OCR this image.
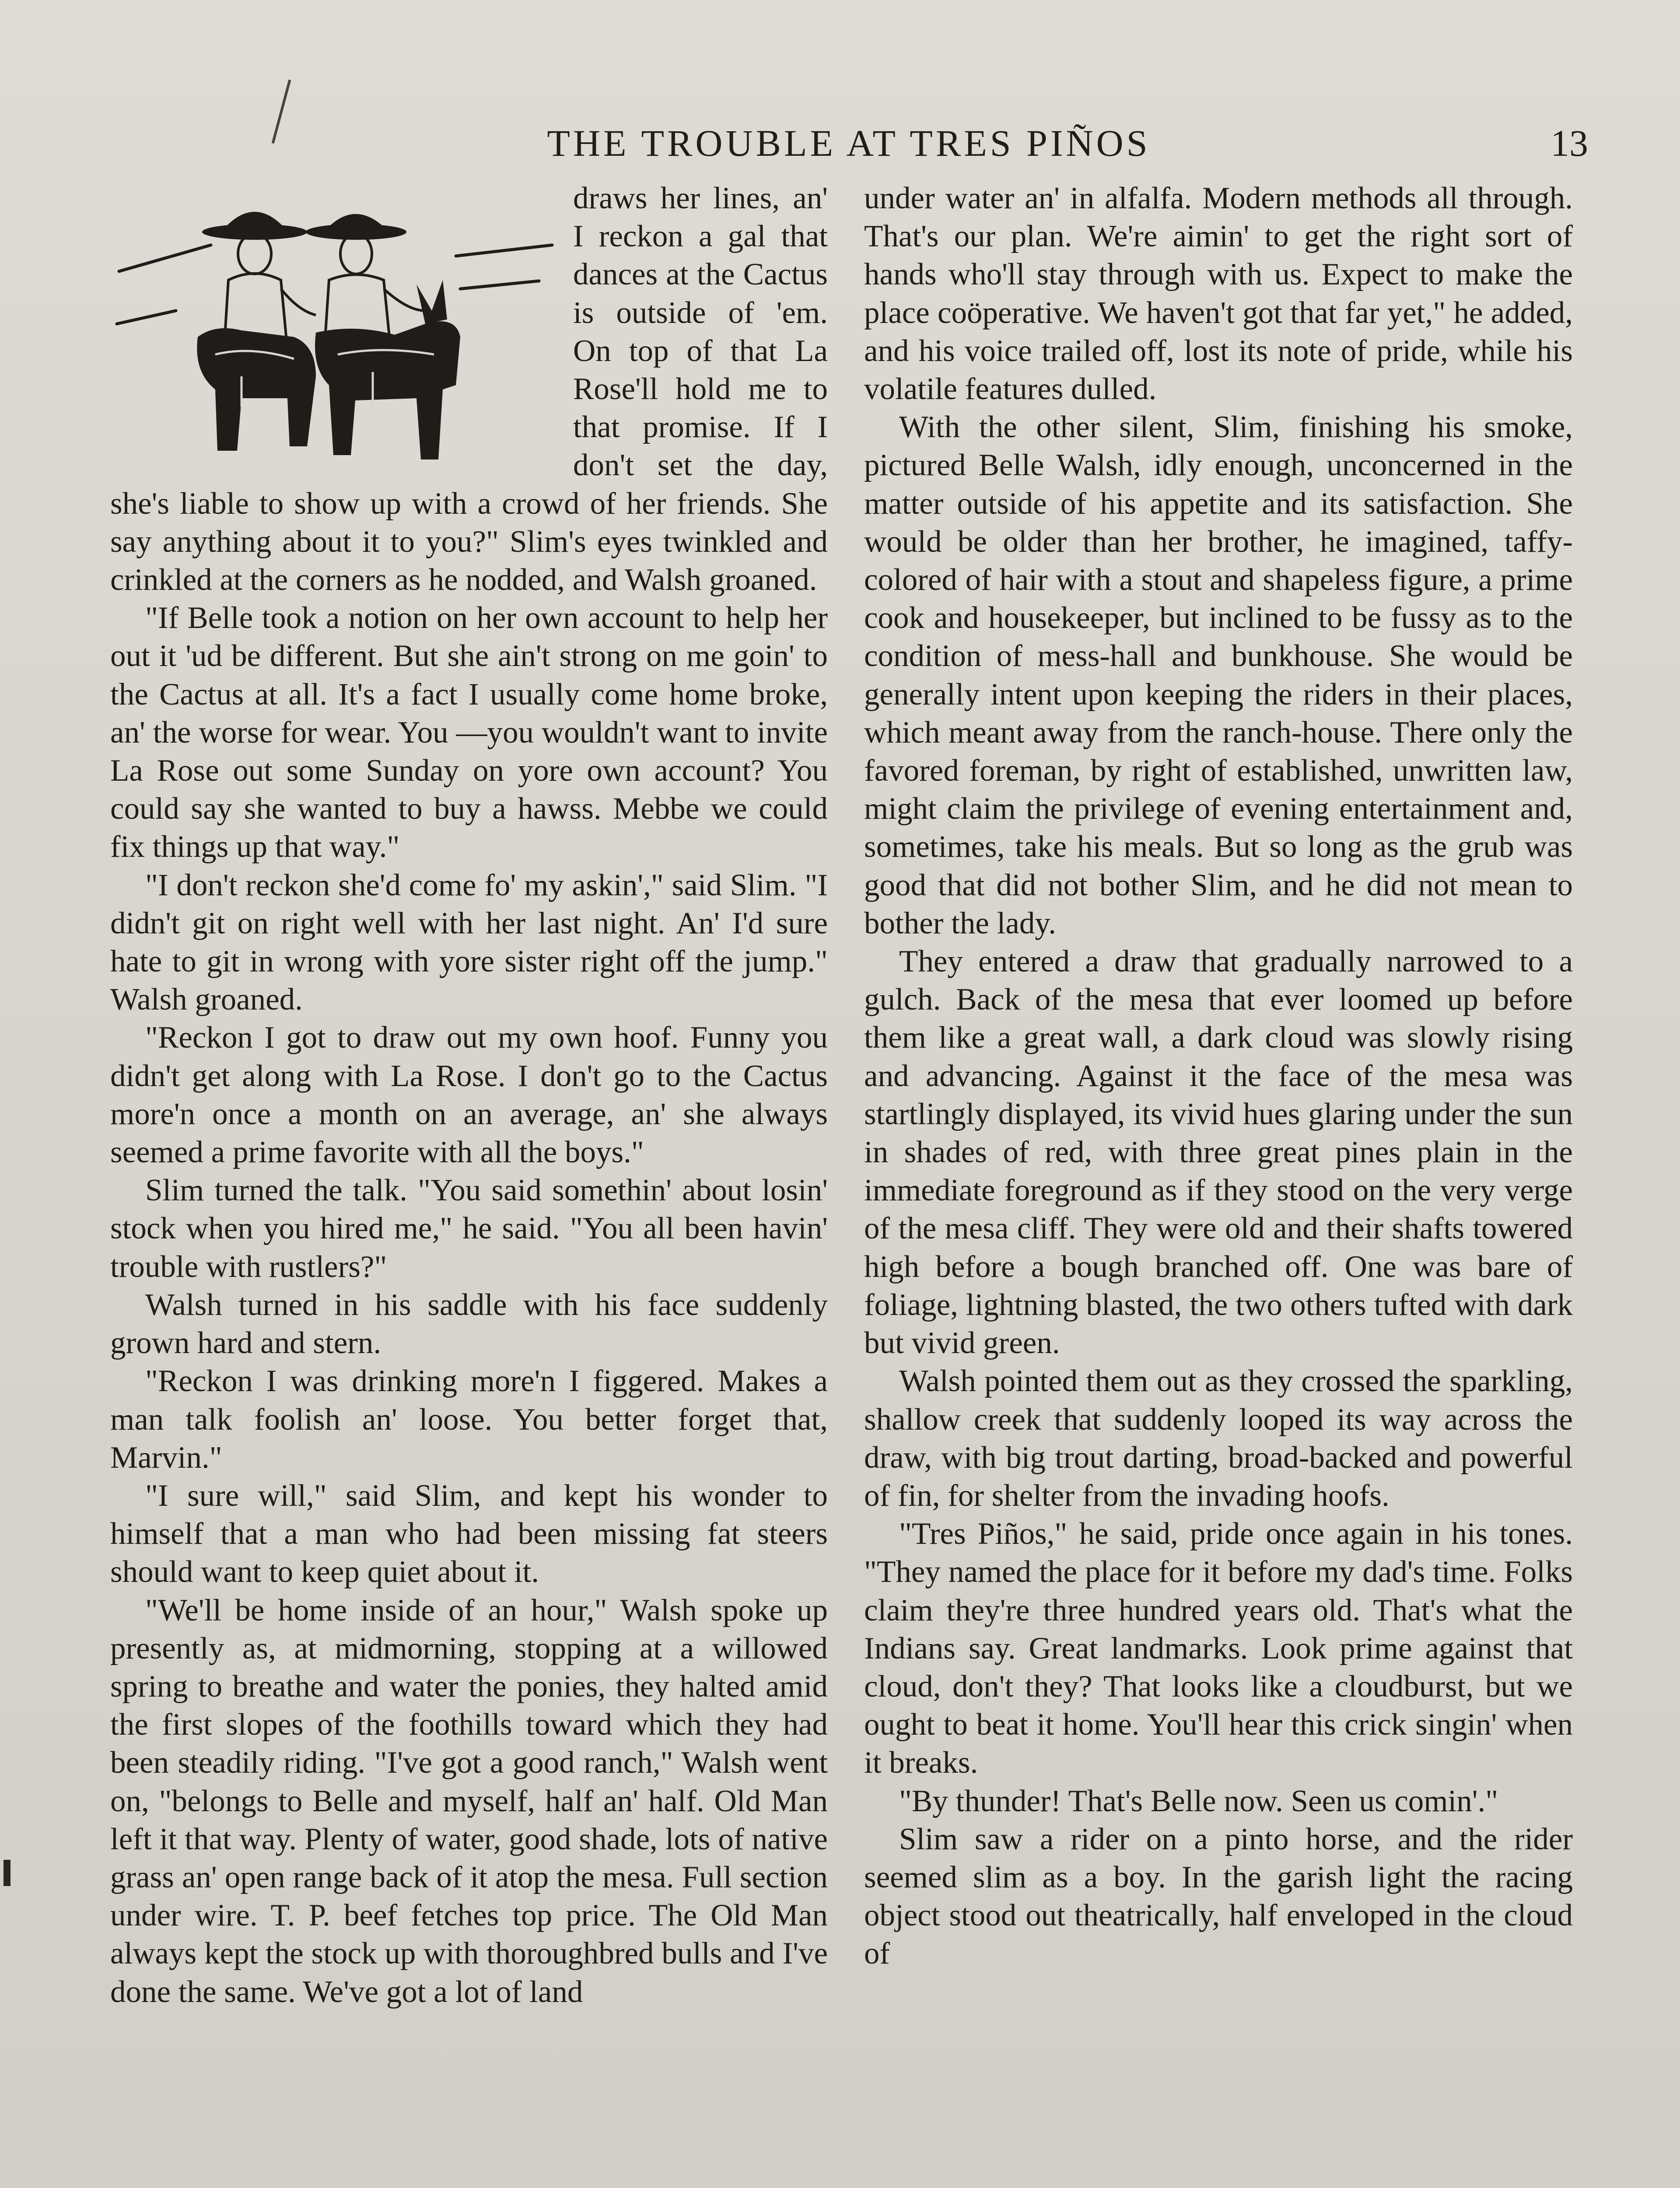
THE TROUBLE AT TRES PIÑOS	13

draws her lines, an' I reckon a gal that dances at the Cactus is outside of 'em. On top of that La Rose'll hold me to that promise. If I don't set the day, she's liable to show up with a crowd of her friends. She say anything about it to you?" Slim's eyes twinkled and crinkled at the corners as he nodded, and Walsh groaned.

"If Belle took a notion on her own account to help her out it 'ud be different. But she ain't strong on me goin' to the Cactus at all. It's a fact I usually come home broke, an' the worse for wear. You —you wouldn't want to invite La Rose out some Sunday on yore own account? You could say she wanted to buy a hawss. Mebbe we could fix things up that way."

"I don't reckon she'd come fo' my askin'," said Slim. "I didn't git on right well with her last night. An' I'd sure hate to git in wrong with yore sister right off the jump." Walsh groaned.

"Reckon I got to draw out my own hoof. Funny you didn't get along with La Rose. I don't go to the Cactus more'n once a month on an average, an' she always seemed a prime favorite with all the boys."

Slim turned the talk. "You said somethin' about losin' stock when you hired me," he said. "You all been havin' trouble with rustlers?"

Walsh turned in his saddle with his face suddenly grown hard and stern.

"Reckon I was drinking more'n I figgered. Makes a man talk foolish an' loose. You better forget that, Marvin."

"I sure will," said Slim, and kept his wonder to himself that a man who had been missing fat steers should want to keep quiet about it.

"We'll be home inside of an hour," Walsh spoke up presently as, at midmorning, stopping at a willowed spring to breathe and water the ponies, they halted amid the first slopes of the foothills toward which they had been steadily riding. "I've got a good ranch," Walsh went on, "belongs to Belle and myself, half an' half. Old Man left it that way. Plenty of water, good shade, lots of native grass an' open range back of it atop the mesa. Full section under wire. T. P. beef fetches top price. The Old Man always kept the stock up with thoroughbred bulls and I've done the same. We've got a lot of land

under water an' in alfalfa. Modern methods all through. That's our plan. We're aimin' to get the right sort of hands who'll stay through with us. Expect to make the place coöperative. We haven't got that far yet," he added, and his voice trailed off, lost its note of pride, while his volatile features dulled.

With the other silent, Slim, finishing his smoke, pictured Belle Walsh, idly enough, unconcerned in the matter outside of his appetite and its satisfaction. She would be older than her brother, he imagined, taffy-colored of hair with a stout and shapeless figure, a prime cook and housekeeper, but inclined to be fussy as to the condition of mess-hall and bunkhouse. She would be generally intent upon keeping the riders in their places, which meant away from the ranch-house. There only the favored foreman, by right of established, unwritten law, might claim the privilege of evening entertainment and, sometimes, take his meals. But so long as the grub was good that did not bother Slim, and he did not mean to bother the lady.

They entered a draw that gradually narrowed to a gulch. Back of the mesa that ever loomed up before them like a great wall, a dark cloud was slowly rising and advancing. Against it the face of the mesa was startlingly displayed, its vivid hues glaring under the sun in shades of red, with three great pines plain in the immediate foreground as if they stood on the very verge of the mesa cliff. They were old and their shafts towered high before a bough branched off. One was bare of foliage, lightning blasted, the two others tufted with dark but vivid green.

Walsh pointed them out as they crossed the sparkling, shallow creek that suddenly looped its way across the draw, with big trout darting, broad-backed and powerful of fin, for shelter from the invading hoofs.

"Tres Piños," he said, pride once again in his tones. "They named the place for it before my dad's time. Folks claim they're three hundred years old. That's what the Indians say. Great landmarks. Look prime against that cloud, don't they? That looks like a cloudburst, but we ought to beat it home. You'll hear this crick singin' when it breaks.

"By thunder! That's Belle now. Seen us comin'."

Slim saw a rider on a pinto horse, and the rider seemed slim as a boy. In the garish light the racing object stood out theatrically, half enveloped in the cloud of
